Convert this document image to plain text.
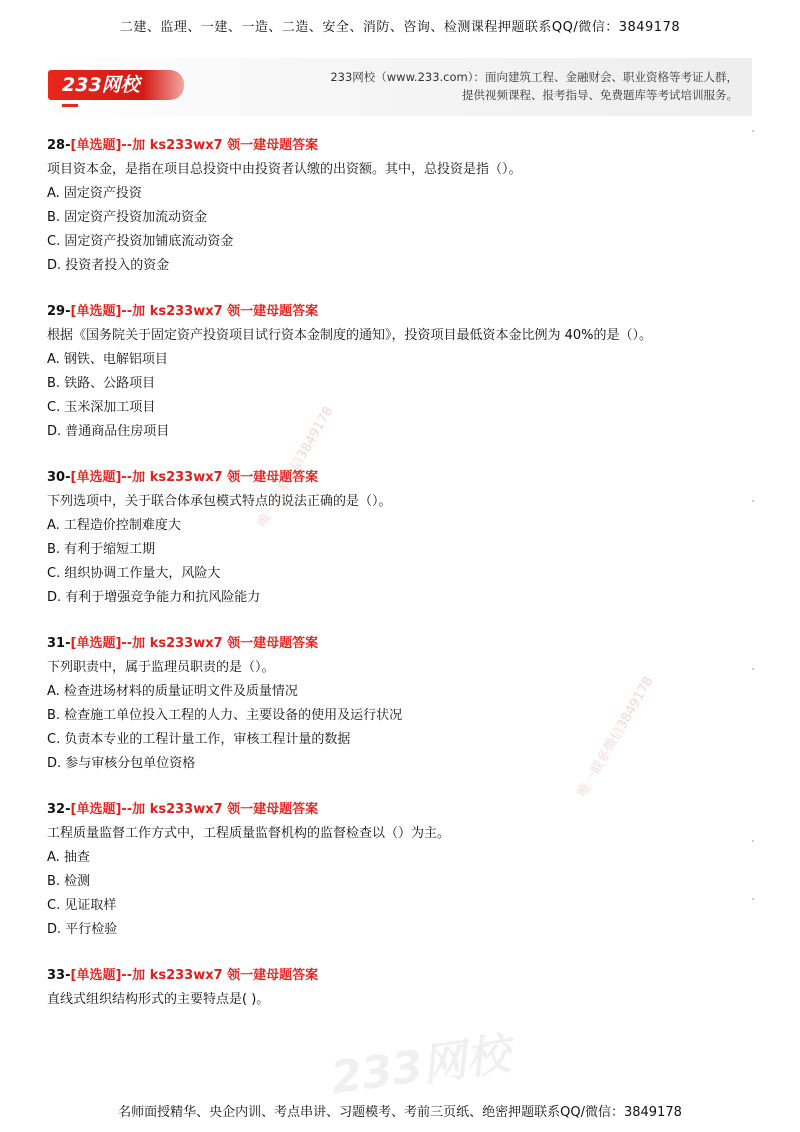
二建、监理、一建、一造、二造、安全、消防、咨询、检测课程押题联系QQ/微信：3849178
233网校	233网校（www.233.com）：面向建筑工程、金融财会、职业资格等考证人群，
提供视频课程、报考指导、免费题库等考试培训服务。
28-[单选题]--加 ks233wx7 领一建母题答案
项目资本金，是指在项目总投资中由投资者认缴的出资额。其中，总投资是指（）。
A. 固定资产投资
B. 固定资产投资加流动资金
C. 固定资产投资加铺底流动资金
D. 投资者投入的资金
29-[单选题]--加 ks233wx7 领一建母题答案
根据《国务院关于固定资产投资项目试行资本金制度的通知》，投资项目最低资本金比例为 40%的是（）。
A. 钢铁、电解铝项目
B. 铁路、公路项目
C. 玉米深加工项目
D. 普通商品住房项目
30-[单选题]--加 ks233wx7 领一建母题答案
下列选项中，关于联合体承包模式特点的说法正确的是（）。
A. 工程造价控制难度大
B. 有利于缩短工期
C. 组织协调工作量大，风险大
D. 有利于增强竞争能力和抗风险能力
31-[单选题]--加 ks233wx7 领一建母题答案
下列职责中，属于监理员职责的是（）。
A. 检查进场材料的质量证明文件及质量情况
B. 检查施工单位投入工程的人力、主要设备的使用及运行状况
C. 负责本专业的工程计量工作，审核工程计量的数据
D. 参与审核分包单位资格
32-[单选题]--加 ks233wx7 领一建母题答案
工程质量监督工作方式中，工程质量监督机构的监督检查以（）为主。
A. 抽查
B. 检测
C. 见证取样
D. 平行检验
33-[单选题]--加 ks233wx7 领一建母题答案
直线式组织结构形式的主要特点是( )。
唯一联系微信3849178
唯一联系微信3849178
233网校
名师面授精华、央企内训、考点串讲、习题模考、考前三页纸、绝密押题联系QQ/微信：3849178
